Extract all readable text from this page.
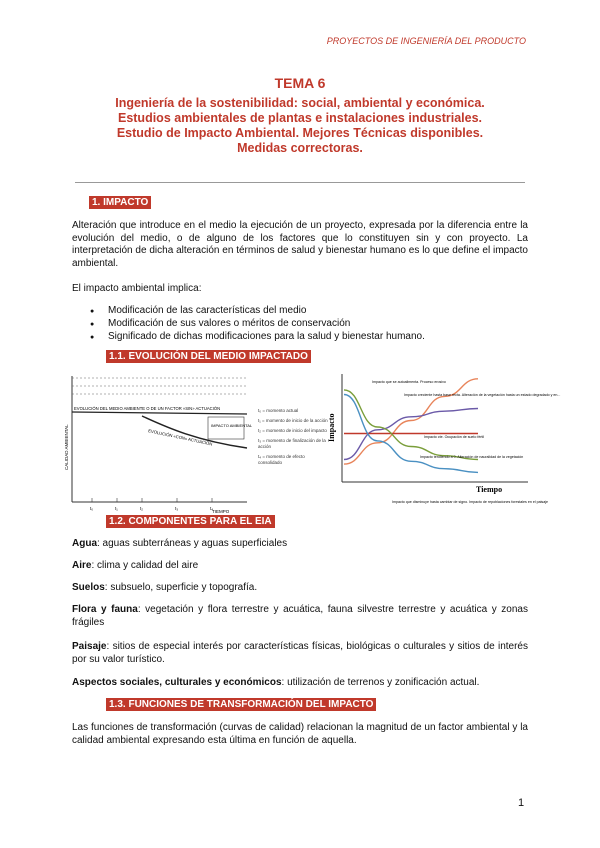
PROYECTOS DE INGENIERÍA DEL PRODUCTO
TEMA 6
Ingeniería de la sostenibilidad: social, ambiental y económica.
Estudios ambientales de plantas e instalaciones industriales.
Estudio de Impacto Ambiental. Mejores Técnicas disponibles.
Medidas correctoras.
1. IMPACTO
Alteración que introduce en el medio la ejecución de un proyecto, expresada por la diferencia entre la evolución del medio, o de alguno de los factores que lo constituyen sin y con proyecto. La interpretación de dicha alteración en términos de salud y bienestar humano es lo que define el impacto ambiental.
El impacto ambiental implica:
● Modificación de las características del medio
● Modificación de sus valores o méritos de conservación
● Significado de dichas modificaciones para la salud y bienestar humano.
1.1. EVOLUCIÓN DEL MEDIO IMPACTADO
CALIDAD AMBIENTAL
TIEMPO
EVOLUCIÓN DEL MEDIO AMBIENTE O DE UN FACTOR «SIN» ACTUACIÓN
EVOLUCIÓN «CON» ACTUACIÓN
IMPACTO AMBIENTAL
t₀	t₁	t₂	t₃	t₄
t₀ = momento actual
t₁ = momento de inicio de la acción
t₂ = momento de inicio del impacto
t₃ = momento de finalización de la acción
t₄ = momento de efecto consolidado
Impacto
Tiempo
Impacto que se autoalimenta. Proceso erosivo
Impacto creciente hasta base recta. Alteración de la vegetación hasta un estado degradado y en...
Impacto cte. Ocupación de suelo fértil
Impacto tendiendo a 0. Alteración de nauralidad de la vegetación
Impacto que disminuye hasta cambiar de signo. Impacto de repoblaciones forestales en el paisaje
1.2. COMPONENTES PARA EL EIA
Agua: aguas subterráneas y aguas superficiales
Aire: clima y calidad del aire
Suelos: subsuelo, superficie y topografía.
Flora y fauna: vegetación y flora terrestre y acuática, fauna silvestre terrestre y acuática y zonas frágiles
Paisaje: sitios de especial interés por características físicas, biológicas o culturales y sitios de interés por su valor turístico.
Aspectos sociales, culturales y económicos: utilización de terrenos y zonificación actual.
1.3. FUNCIONES DE TRANSFORMACIÓN DEL IMPACTO
Las funciones de transformación (curvas de calidad) relacionan la magnitud de un factor ambiental y la calidad ambiental expresando esta última en función de aquella.
1
